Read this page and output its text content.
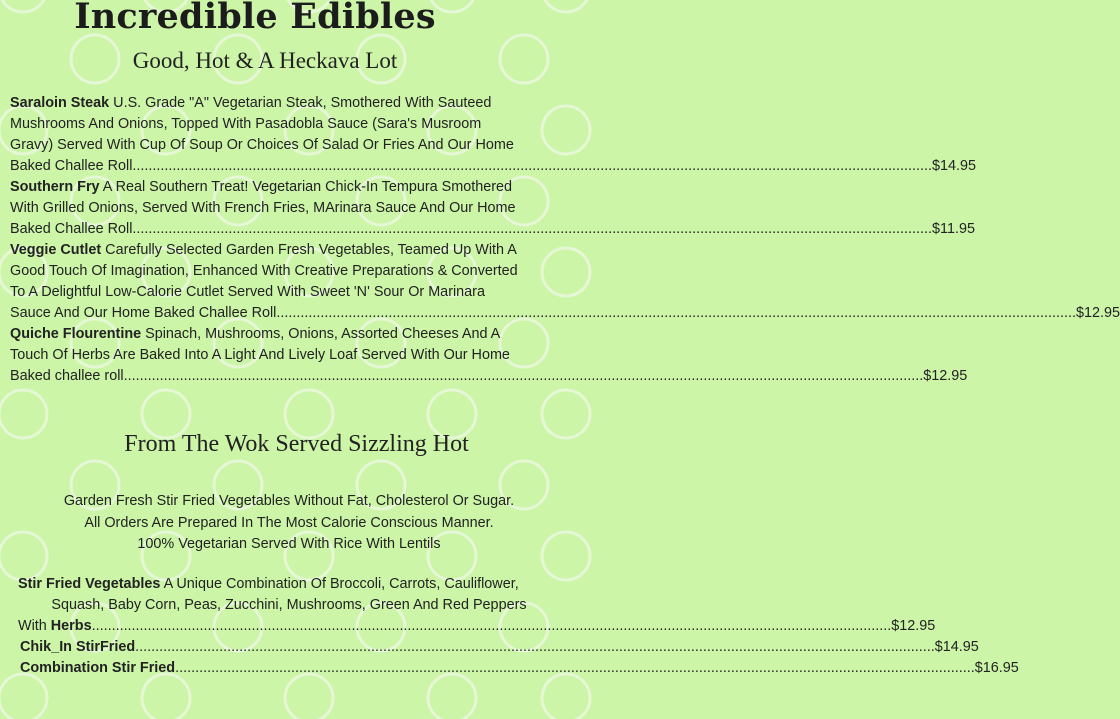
Incredible Edibles
Good, Hot & A Heckava Lot
Saraloin Steak U.S. Grade "A" Vegetarian Steak, Smothered With Sauteed
Mushrooms And Onions, Topped With Pasadobla Sauce (Sara's Musroom
Gravy) Served With Cup Of Soup Or Choices Of Salad Or Fries And Our Home
Baked Challee Roll ........................................................................................................................................................................................................ $14.95
Southern Fry A Real Southern Treat! Vegetarian Chick-In Tempura Smothered
With Grilled Onions, Served With French Fries, MArinara Sauce And Our Home
Baked Challee Roll ........................................................................................................................................................................................................ $11.95
Veggie Cutlet Carefully Selected Garden Fresh Vegetables, Teamed Up With A
Good Touch Of Imagination, Enhanced With Creative Preparations & Converted
To A Delightful Low-Calorie Cutlet Served With Sweet 'N' Sour Or Marinara
Sauce And Our Home Baked Challee Roll ........................................................................................................................................................................................................ $12.95
Quiche Flourentine Spinach, Mushrooms, Onions, Assorted Cheeses And A
Touch Of Herbs Are Baked Into A Light And Lively Loaf Served With Our Home
Baked challee roll ........................................................................................................................................................................................................ $12.95
From The Wok Served Sizzling Hot
Garden Fresh Stir Fried Vegetables Without Fat, Cholesterol Or Sugar.
All Orders Are Prepared In The Most Calorie Conscious Manner.
100% Vegetarian Served With Rice With Lentils
Stir Fried Vegetables A Unique Combination Of Broccoli, Carrots, Cauliflower,
Squash, Baby Corn, Peas, Zucchini, Mushrooms, Green And Red Peppers
With Herbs ........................................................................................................................................................................................................ $12.95
Chik_In StirFried ........................................................................................................................................................................................................ $14.95
Combination Stir Fried ........................................................................................................................................................................................................ $16.95
